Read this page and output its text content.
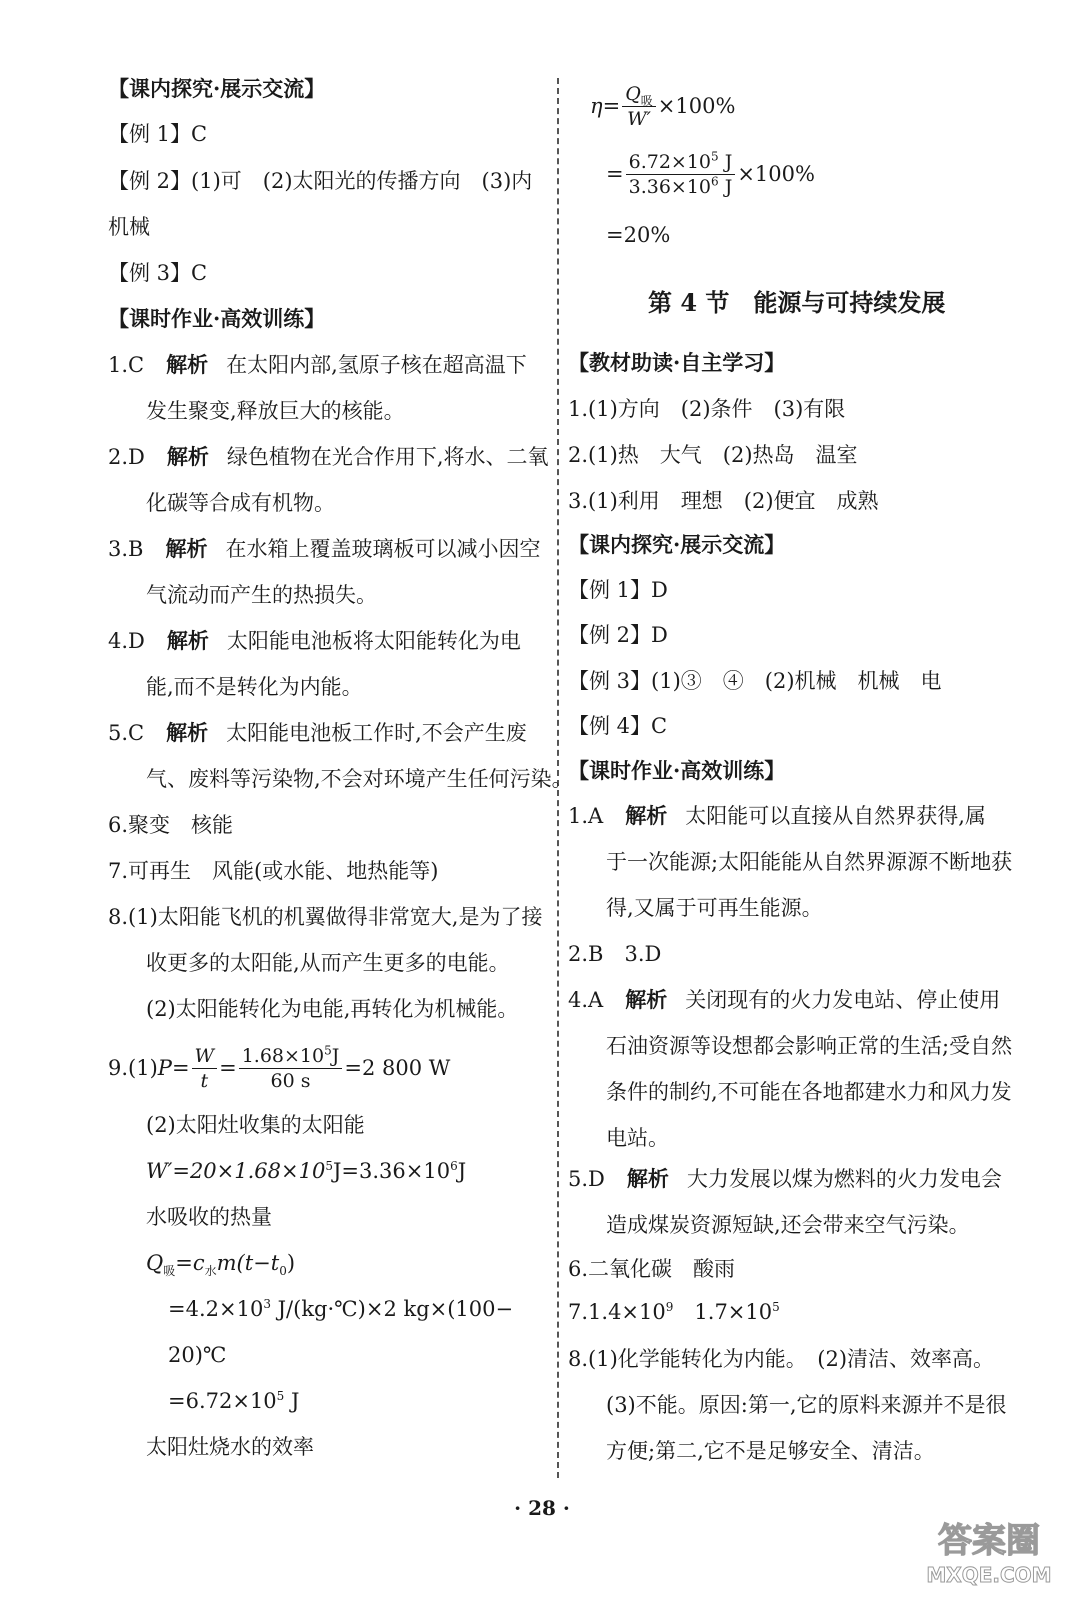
【课内探究·展示交流】
【例 1】C
【例 2】(1)可　(2)太阳光的传播方向　(3)内
机械
【例 3】C
【课时作业·高效训练】
1.C 解析 在太阳内部,氢原子核在超高温下
发生聚变,释放巨大的核能。
2.D 解析 绿色植物在光合作用下,将水、二氧
化碳等合成有机物。
3.B 解析 在水箱上覆盖玻璃板可以减小因空
气流动而产生的热损失。
4.D 解析 太阳能电池板将太阳能转化为电
能,而不是转化为内能。
5.C 解析 太阳能电池板工作时,不会产生废
气、废料等污染物,不会对环境产生任何污染。
6.聚变　核能
7.可再生　风能(或水能、地热能等)
8.(1)太阳能飞机的机翼做得非常宽大,是为了接
收更多的太阳能,从而产生更多的电能。
(2)太阳能转化为电能,再转化为机械能。
9.(1) $P = \frac{W}{t} = \frac{1.68\times 10^5J}{60 s} =2$ 800 W
(2)太阳灶收集的太阳能
$W'=20\times 1.68\times 10^5J=3.36\times 10^6J$
水吸收的热量
$Q_吸=c_水m(t-t_0)$
$=4.2\times 10^3$ J/(kg·℃)×2 kg×(100−
20)℃
$=6.72\times 10^5$ J
太阳灶烧水的效率
$\eta = \frac{Q_吸}{W'} \times 100\%$
= $\frac{6.72\times 10^5 J}{3.36\times 10^6 J} \times 100\%$
=20%
第 4 节　能源与可持续发展
【教材助读·自主学习】
1.(1)方向　(2)条件　(3)有限
2.(1)热　大气　(2)热岛　温室
3.(1)利用　理想　(2)便宜　成熟
【课内探究·展示交流】
【例 1】D
【例 2】D
【例 3】(1)③　④　(2)机械　机械　电
【例 4】C
【课时作业·高效训练】
1.A 解析 太阳能可以直接从自然界获得,属
于一次能源;太阳能能从自然界源源不断地获
得,又属于可再生能源。
2.B　3.D
4.A 解析 关闭现有的火力发电站、停止使用
石油资源等设想都会影响正常的生活;受自然
条件的制约,不可能在各地都建水力和风力发
电站。
5.D 解析 大力发展以煤为燃料的火力发电会
造成煤炭资源短缺,还会带来空气污染。
6.二氧化碳　酸雨
$7.1.4\times 10^9$　$1.7\times 10^5$
8.(1)化学能转化为内能。　(2)清洁、效率高。
(3)不能。原因:第一,它的原料来源并不是很
方便;第二,它不是足够安全、清洁。
· 28 ·
答案圈
MXQE.COM
